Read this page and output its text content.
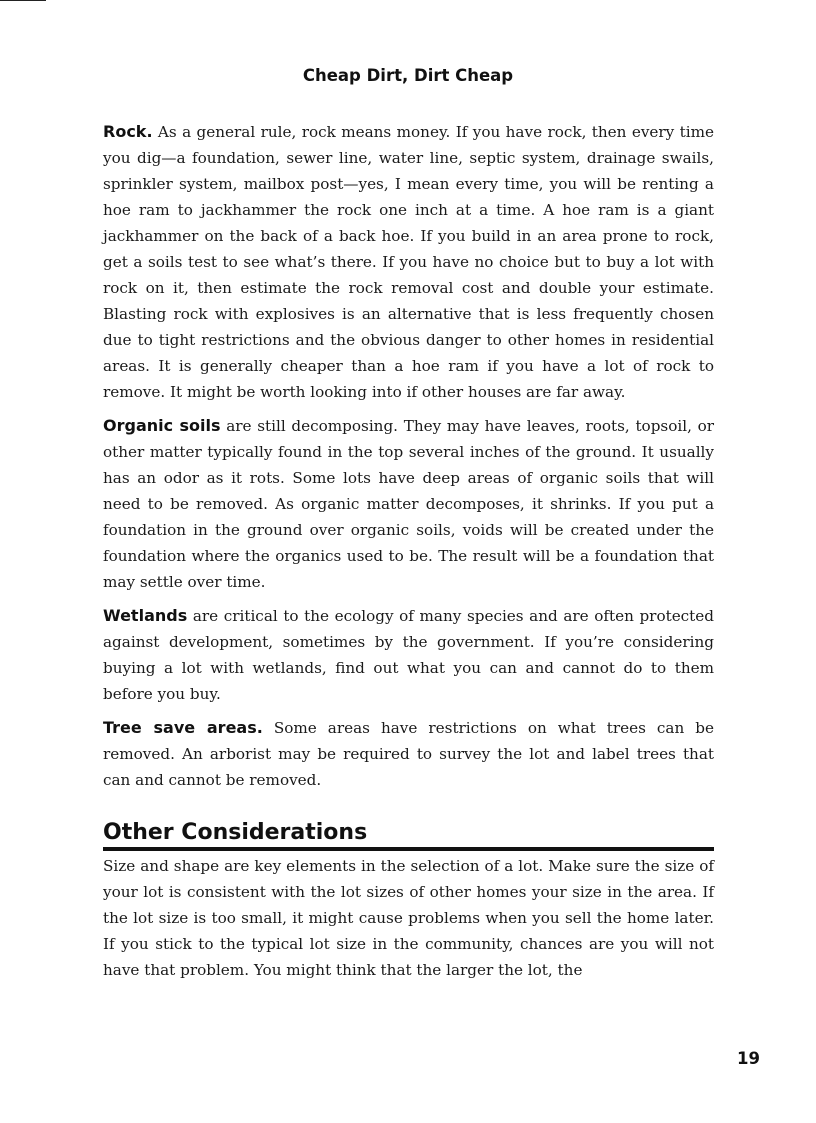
Cheap Dirt, Dirt Cheap

Rock. As a general rule, rock means money. If you have rock, then every time you dig—a foundation, sewer line, water line, septic system, drainage swails, sprinkler system, mailbox post—yes, I mean every time, you will be renting a hoe ram to jackhammer the rock one inch at a time. A hoe ram is a giant jackhammer on the back of a back hoe. If you build in an area prone to rock, get a soils test to see what’s there. If you have no choice but to buy a lot with rock on it, then estimate the rock removal cost and double your estimate. Blasting rock with explosives is an alternative that is less frequently chosen due to tight restrictions and the obvious danger to other homes in residential areas. It is generally cheaper than a hoe ram if you have a lot of rock to remove. It might be worth looking into if other houses are far away.

Organic soils are still decomposing. They may have leaves, roots, topsoil, or other matter typically found in the top several inches of the ground. It usually has an odor as it rots. Some lots have deep areas of organic soils that will need to be removed. As organic matter decomposes, it shrinks. If you put a foundation in the ground over organic soils, voids will be created under the foundation where the organics used to be. The result will be a foundation that may settle over time.

Wetlands are critical to the ecology of many species and are often protected against development, sometimes by the government. If you’re considering buying a lot with wetlands, find out what you can and cannot do to them before you buy.

Tree save areas. Some areas have restrictions on what trees can be removed. An arborist may be required to survey the lot and label trees that can and cannot be removed.

Other Considerations

Size and shape are key elements in the selection of a lot. Make sure the size of your lot is consistent with the lot sizes of other homes your size in the area. If the lot size is too small, it might cause problems when you sell the home later. If you stick to the typical lot size in the community, chances are you will not have that problem. You might think that the larger the lot, the

19
